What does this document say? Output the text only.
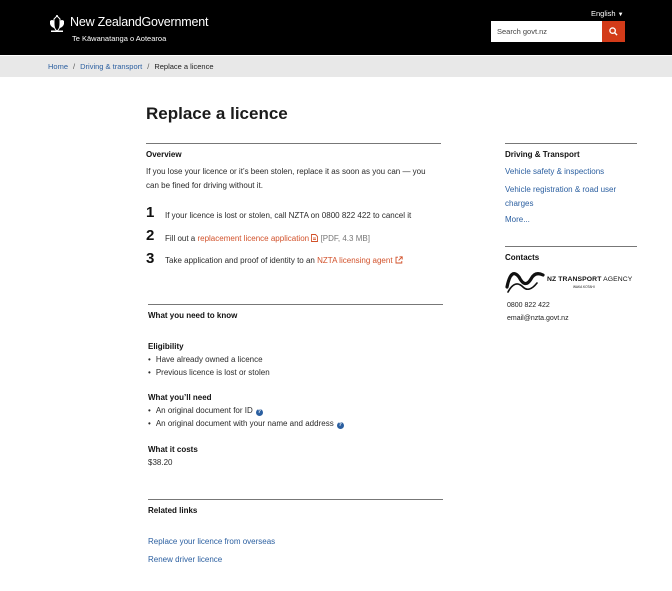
New ZealandGovernment
Te Kāwanatanga o Aotearoa
English ▼
Search govt.nz
Home / Driving & transport / Replace a licence
Replace a licence
Overview

If you lose your licence or it’s been stolen, replace it as soon as you can — you can be fined for driving without it.

1 If your licence is lost or stolen, call NZTA on 0800 822 422 to cancel it
2 Fill out a replacement licence application [PDF, 4.3 MB]
3 Take application and proof of identity to an NZTA licensing agent
What you need to know
Eligibility
• Have already owned a licence
• Previous licence is lost or stolen
What you’ll need
• An original document for ID ?
• An original document with your name and address ?
What it costs
$38.20
Related links
Replace your licence from overseas
Renew driver licence
Driving & Transport
Vehicle safety & inspections
Vehicle registration & road user charges
More...
Contacts
NZ TRANSPORT AGENCY
WAKA KOTAHI
0800 822 422
email@nzta.govt.nz
